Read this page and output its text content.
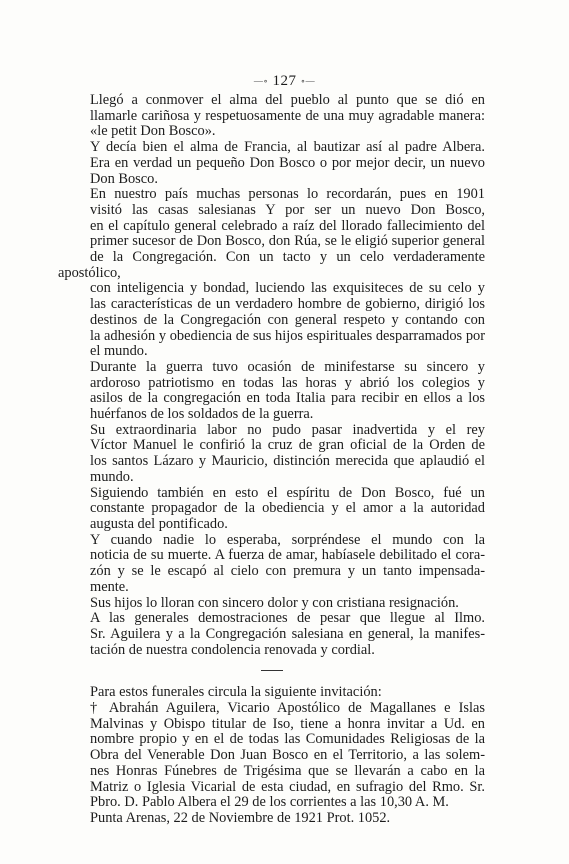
—∘ 127 ∘—

Llegó a conmover el alma del pueblo al punto que se dió en
llamarle cariñosa y respetuosamente de una muy agradable manera:
«le petit Don Bosco».

Y decía bien el alma de Francia, al bautizar así al padre Albera.
Era en verdad un pequeño Don Bosco o por mejor decir, un nuevo
Don Bosco.

En nuestro país muchas personas lo recordarán, pues en 1901
visitó las casas salesianas Y por ser un nuevo Don Bosco,
en el capítulo general celebrado a raíz del llorado fallecimiento del
primer sucesor de Don Bosco, don Rúa, se le eligió superior general
de la Congregación. Con un tacto y un celo verdaderamente apostólico,
con inteligencia y bondad, luciendo las exquisiteces de su celo y
las características de un verdadero hombre de gobierno, dirigió los
destinos de la Congregación con general respeto y contando con
la adhesión y obediencia de sus hijos espirituales desparramados por
el mundo.

Durante la guerra tuvo ocasión de minifestarse su sincero y
ardoroso patriotismo en todas las horas y abrió los colegios y
asilos de la congregación en toda Italia para recibir en ellos a los
huérfanos de los soldados de la guerra.

Su extraordinaria labor no pudo pasar inadvertida y el rey
Víctor Manuel le confirió la cruz de gran oficial de la Orden de
los santos Lázaro y Mauricio, distinción merecida que aplaudió el
mundo.

Siguiendo también en esto el espíritu de Don Bosco, fué un
constante propagador de la obediencia y el amor a la autoridad
augusta del pontificado.

Y cuando nadie lo esperaba, sorpréndese el mundo con la
noticia de su muerte. A fuerza de amar, habíasele debilitado el cora-
zón y se le escapó al cielo con premura y un tanto impensada-
mente.

Sus hijos lo lloran con sincero dolor y con cristiana resignación.

A las generales demostraciones de pesar que llegue al Ilmo.
Sr. Aguilera y a la Congregación salesiana en general, la manifes-
tación de nuestra condolencia renovada y cordial.

Para estos funerales circula la siguiente invitación:

† Abrahán Aguilera, Vicario Apostólico de Magallanes e Islas
Malvinas y Obispo titular de Iso, tiene a honra invitar a Ud. en
nombre propio y en el de todas las Comunidades Religiosas de la
Obra del Venerable Don Juan Bosco en el Territorio, a las solem-
nes Honras Fúnebres de Trigésima que se llevarán a cabo en la
Matriz o Iglesia Vicarial de esta ciudad, en sufragio del Rmo. Sr.
Pbro. D. Pablo Albera el 29 de los corrientes a las 10,30 A. M.

Punta Arenas, 22 de Noviembre de 1921 Prot. 1052.
